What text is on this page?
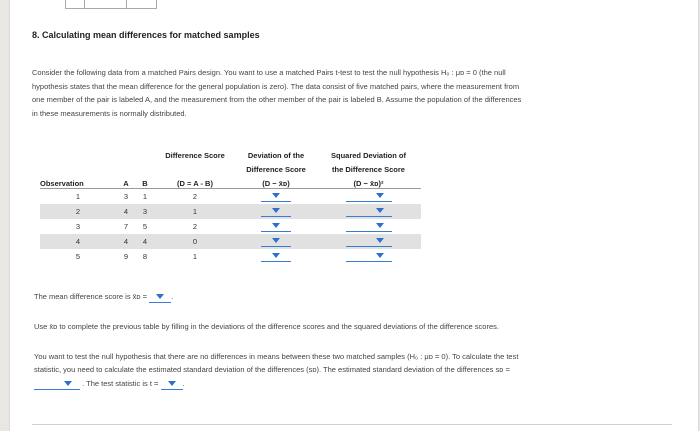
8. Calculating mean differences for matched samples
Consider the following data from a matched Pairs design. You want to use a matched Pairs t-test to test the null hypothesis H₀ : μᴅ = 0 (the null
hypothesis states that the mean difference for the general population is zero). The data consist of five matched pairs, where the measurement from
one member of the pair is labeled A, and the measurement from the other member of the pair is labeled B. Assume the population of the differences
in these measurements is normally distributed.
			Difference Score	Deviation of the	Squared Deviation of
				Difference Score	the Difference Score
Observation	A	B	(D = A - B)	(D − x̄ᴅ)	(D − x̄ᴅ)²
1	3	1	2	

2	4	3	1	

3	7	5	2	

4	4	4	0	

5	9	8	1	

The mean difference score is x̄ᴅ =	.
Use x̄ᴅ to complete the previous table by filling in the deviations of the difference scores and the squared deviations of the difference scores.
You want to test the null hypothesis that there are no differences in means between these two matched samples (H₀ : μᴅ = 0). To calculate the test
statistic, you need to calculate the estimated standard deviation of the differences (sᴅ). The estimated standard deviation of the differences sᴅ =
. The test statistic is t =	.
